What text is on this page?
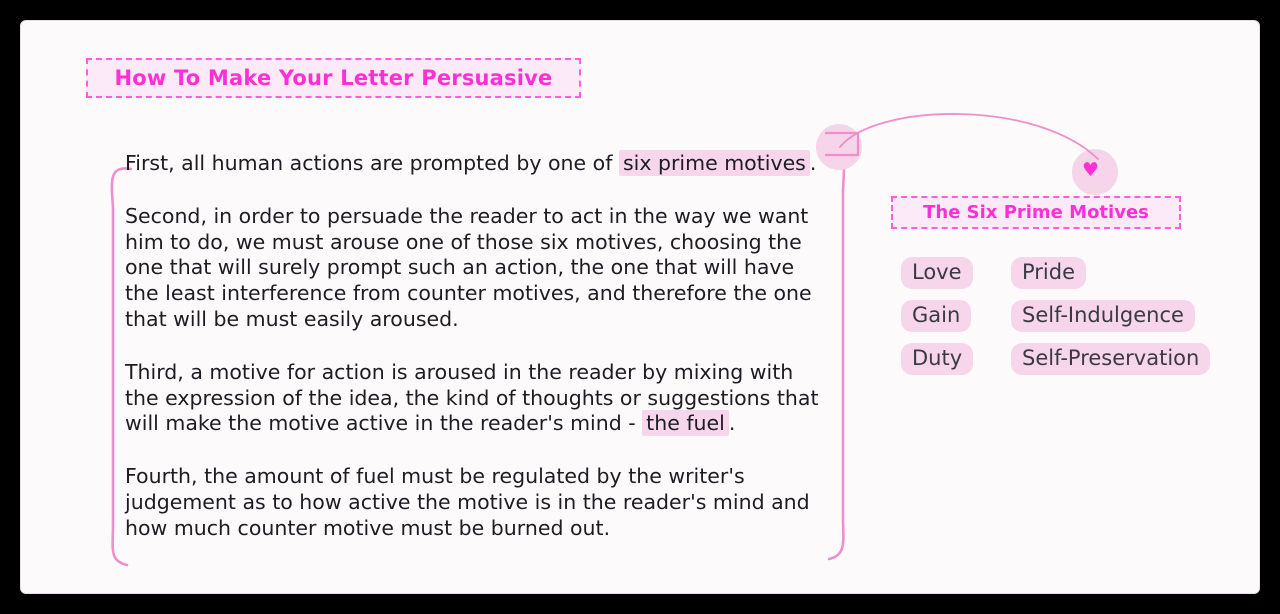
How To Make Your Letter Persuasive

First, all human actions are prompted by one of six prime motives .

Second, in order to persuade the reader to act in the way we want him to do, we must arouse one of those six motives, choosing the one that will surely prompt such an action, the one that will have the least interference from counter motives, and therefore the one that will be must easily aroused.

Third, a motive for action is aroused in the reader by mixing with the expression of the idea, the kind of thoughts or suggestions that will make the motive active in the reader's mind - the fuel .

Fourth, the amount of fuel must be regulated by the writer's judgement as to how active the motive is in the reader's mind and how much counter motive must be burned out.

♥
The Six Prime Motives
Love	Pride
Gain	Self-Indulgence
Duty	Self-Preservation
